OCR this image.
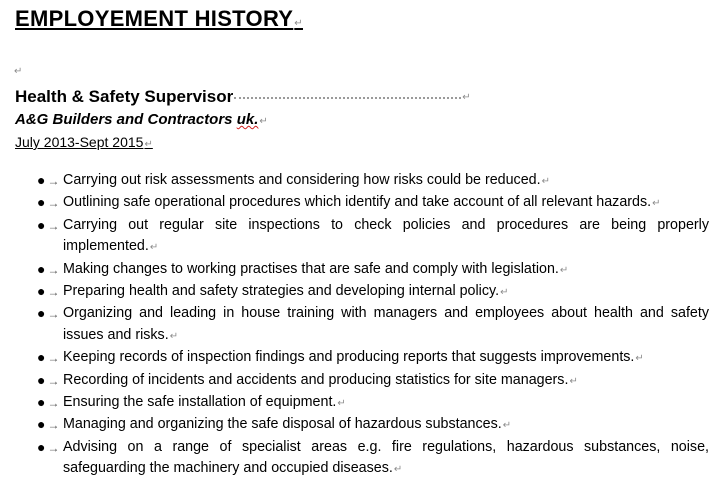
EMPLOYEMENT HISTORY↵
↵
Health & Safety Supervisor	↵
A&G Builders and Contractors uk.↵
July 2013-Sept 2015↵
● → Carrying out risk assessments and considering how risks could be reduced.↵
● → Outlining safe operational procedures which identify and take account of all relevant hazards.↵
● → Carrying out regular site inspections to check policies and procedures are being properly implemented.↵
● → Making changes to working practises that are safe and comply with legislation.↵
● → Preparing health and safety strategies and developing internal policy.↵
● → Organizing and leading in house training with managers and employees about health and safety issues and risks.↵
● → Keeping records of inspection findings and producing reports that suggests improvements.↵
● → Recording of incidents and accidents and producing statistics for site managers.↵
● → Ensuring the safe installation of equipment.↵
● → Managing and organizing the safe disposal of hazardous substances.↵
● → Advising on a range of specialist areas e.g. fire regulations, hazardous substances, noise, safeguarding the machinery and occupied diseases.↵
